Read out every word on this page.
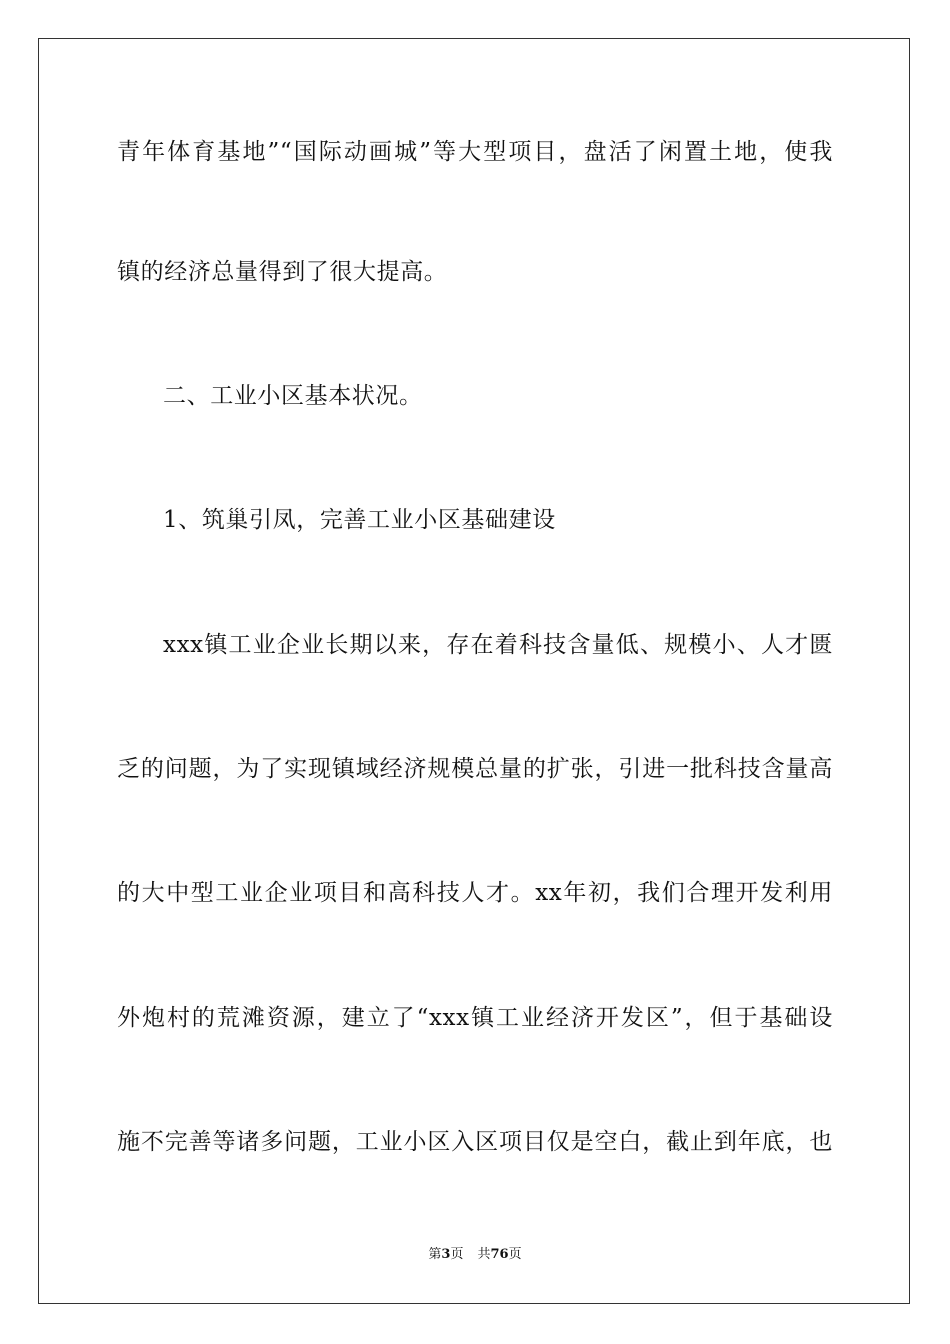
青年体育基地”“国际动画城”等大型项目，盘活了闲置土地，使我
镇的经济总量得到了很大提高。
二、工业小区基本状况。
1、筑巢引凤，完善工业小区基础建设
xxx镇工业企业长期以来，存在着科技含量低、规模小、人才匮
乏的问题，为了实现镇域经济规模总量的扩张，引进一批科技含量高
的大中型工业企业项目和高科技人才。xx年初，我们合理开发利用
外炮村的荒滩资源，建立了“xxx镇工业经济开发区”，但于基础设
施不完善等诸多问题，工业小区入区项目仅是空白，截止到年底，也
第3页 共76页
